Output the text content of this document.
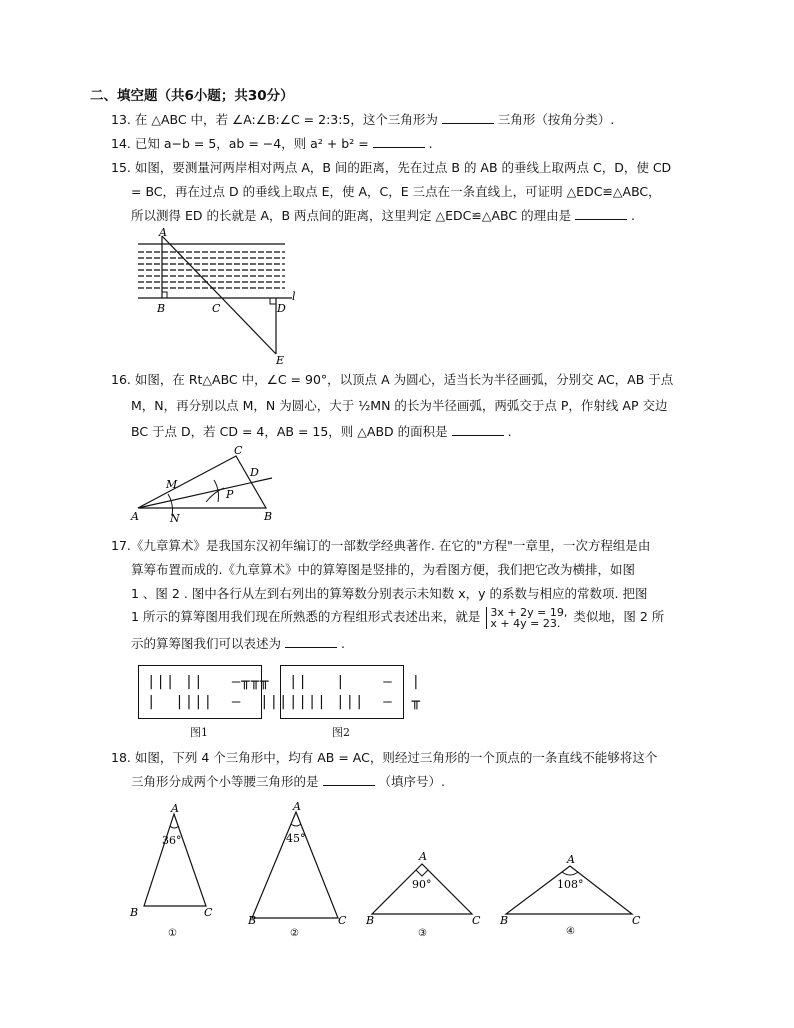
二、填空题（共6小题；共30分）
13. 在 △ABC 中，若 ∠A:∠B:∠C = 2:3:5，这个三角形为	三角形（按角分类）.
14. 已知 a−b = 5，ab = −4，则 a² + b² =	.
15. 如图，要测量河两岸相对两点 A，B 间的距离，先在过点 B 的 AB 的垂线上取两点 C，D，使 CD
= BC，再在过点 D 的垂线上取点 E，使 A，C，E 三点在一条直线上，可证明 △EDC≌△ABC，
所以测得 ED 的长就是 A，B 两点间的距离，这里判定 △EDC≌△ABC 的理由是	.
A
B	C	D
E
l
16. 如图，在 Rt△ABC 中，∠C = 90°，以顶点 A 为圆心，适当长为半径画弧，分别交 AC，AB 于点
M，N，再分别以点 M，N 为圆心，大于 ½MN 的长为半径画弧，两弧交于点 P，作射线 AP 交边
BC 于点 D，若 CD = 4，AB = 15，则 △ABD 的面积是	.
A	B
C
D
M
N
P
17.《九章算术》是我国东汉初年编订的一部数学经典著作. 在它的"方程"一章里，一次方程组是由
算筹布置而成的.《九章算术》中的算筹图是竖排的，为看图方便，我们把它改为横排，如图
1 、图 2 . 图中各行从左到右列出的算筹数分别表示未知数 x，y 的系数与相应的常数项. 把图
1 所示的算筹图用我们现在所熟悉的方程组形式表述出来，就是 3x + 2y = 19,
x + 4y = 23.	类似地，图 2 所
示的算筹图我们可以表述为	.
||| ||   —╥╥╥
|  ||||  —  |||
图1
||   |    —  |
|||| |||  —  ╥
图2
18. 如图，下列 4 个三角形中，均有 AB = AC，则经过三角形的一个顶点的一条直线不能够将这个
三角形分成两个小等腰三角形的是	（填序号）.
A
36°
B	C
①
A
45°
B	C
②
A
90°
B	C
③
A
108°
B	C
④
